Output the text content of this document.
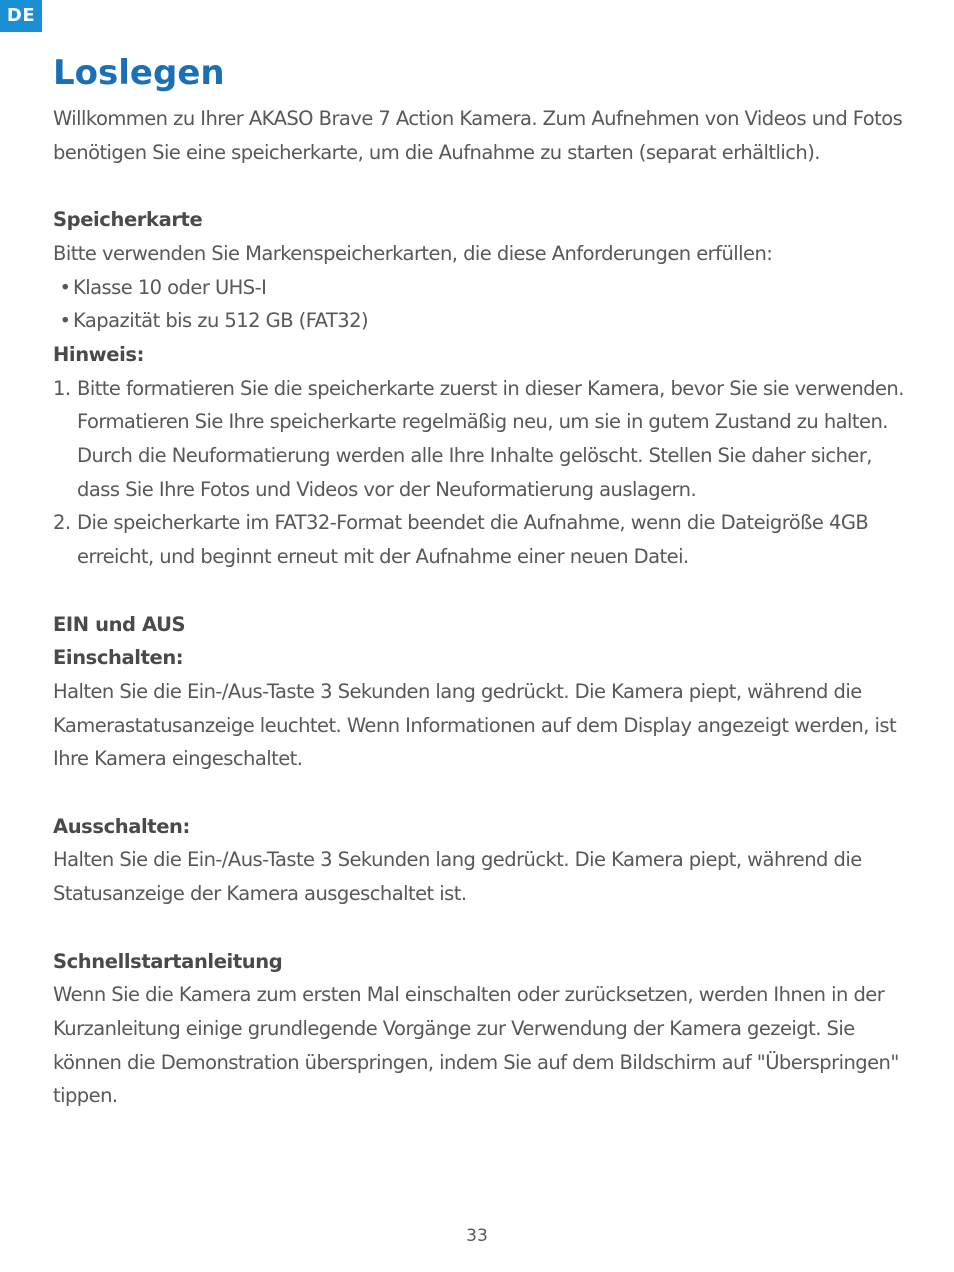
DE
Loslegen

Willkommen zu Ihrer AKASO Brave 7 Action Kamera. Zum Aufnehmen von Videos und Fotos benötigen Sie eine speicherkarte, um die Aufnahme zu starten (separat erhältlich).

Speicherkarte

Bitte verwenden Sie Markenspeicherkarten, die diese Anforderungen erfüllen:

• Klasse 10 oder UHS-I

• Kapazität bis zu 512 GB (FAT32)

Hinweis:

1. Bitte formatieren Sie die speicherkarte zuerst in dieser Kamera, bevor Sie sie verwenden. Formatieren Sie Ihre speicherkarte regelmäßig neu, um sie in gutem Zustand zu halten. Durch die Neuformatierung werden alle Ihre Inhalte gelöscht. Stellen Sie daher sicher, dass Sie Ihre Fotos und Videos vor der Neuformatierung auslagern.
2. Die speicherkarte im FAT32-Format beendet die Aufnahme, wenn die Dateigröße 4GB erreicht, und beginnt erneut mit der Aufnahme einer neuen Datei.

EIN und AUS

Einschalten:

Halten Sie die Ein-/Aus-Taste 3 Sekunden lang gedrückt. Die Kamera piept, während die Kamerastatusanzeige leuchtet. Wenn Informationen auf dem Display angezeigt werden, ist Ihre Kamera eingeschaltet.

Ausschalten:

Halten Sie die Ein-/Aus-Taste 3 Sekunden lang gedrückt. Die Kamera piept, während die Statusanzeige der Kamera ausgeschaltet ist.

Schnellstartanleitung

Wenn Sie die Kamera zum ersten Mal einschalten oder zurücksetzen, werden Ihnen in der Kurzanleitung einige grundlegende Vorgänge zur Verwendung der Kamera gezeigt. Sie können die Demonstration überspringen, indem Sie auf dem Bildschirm auf "Überspringen" tippen.

33
